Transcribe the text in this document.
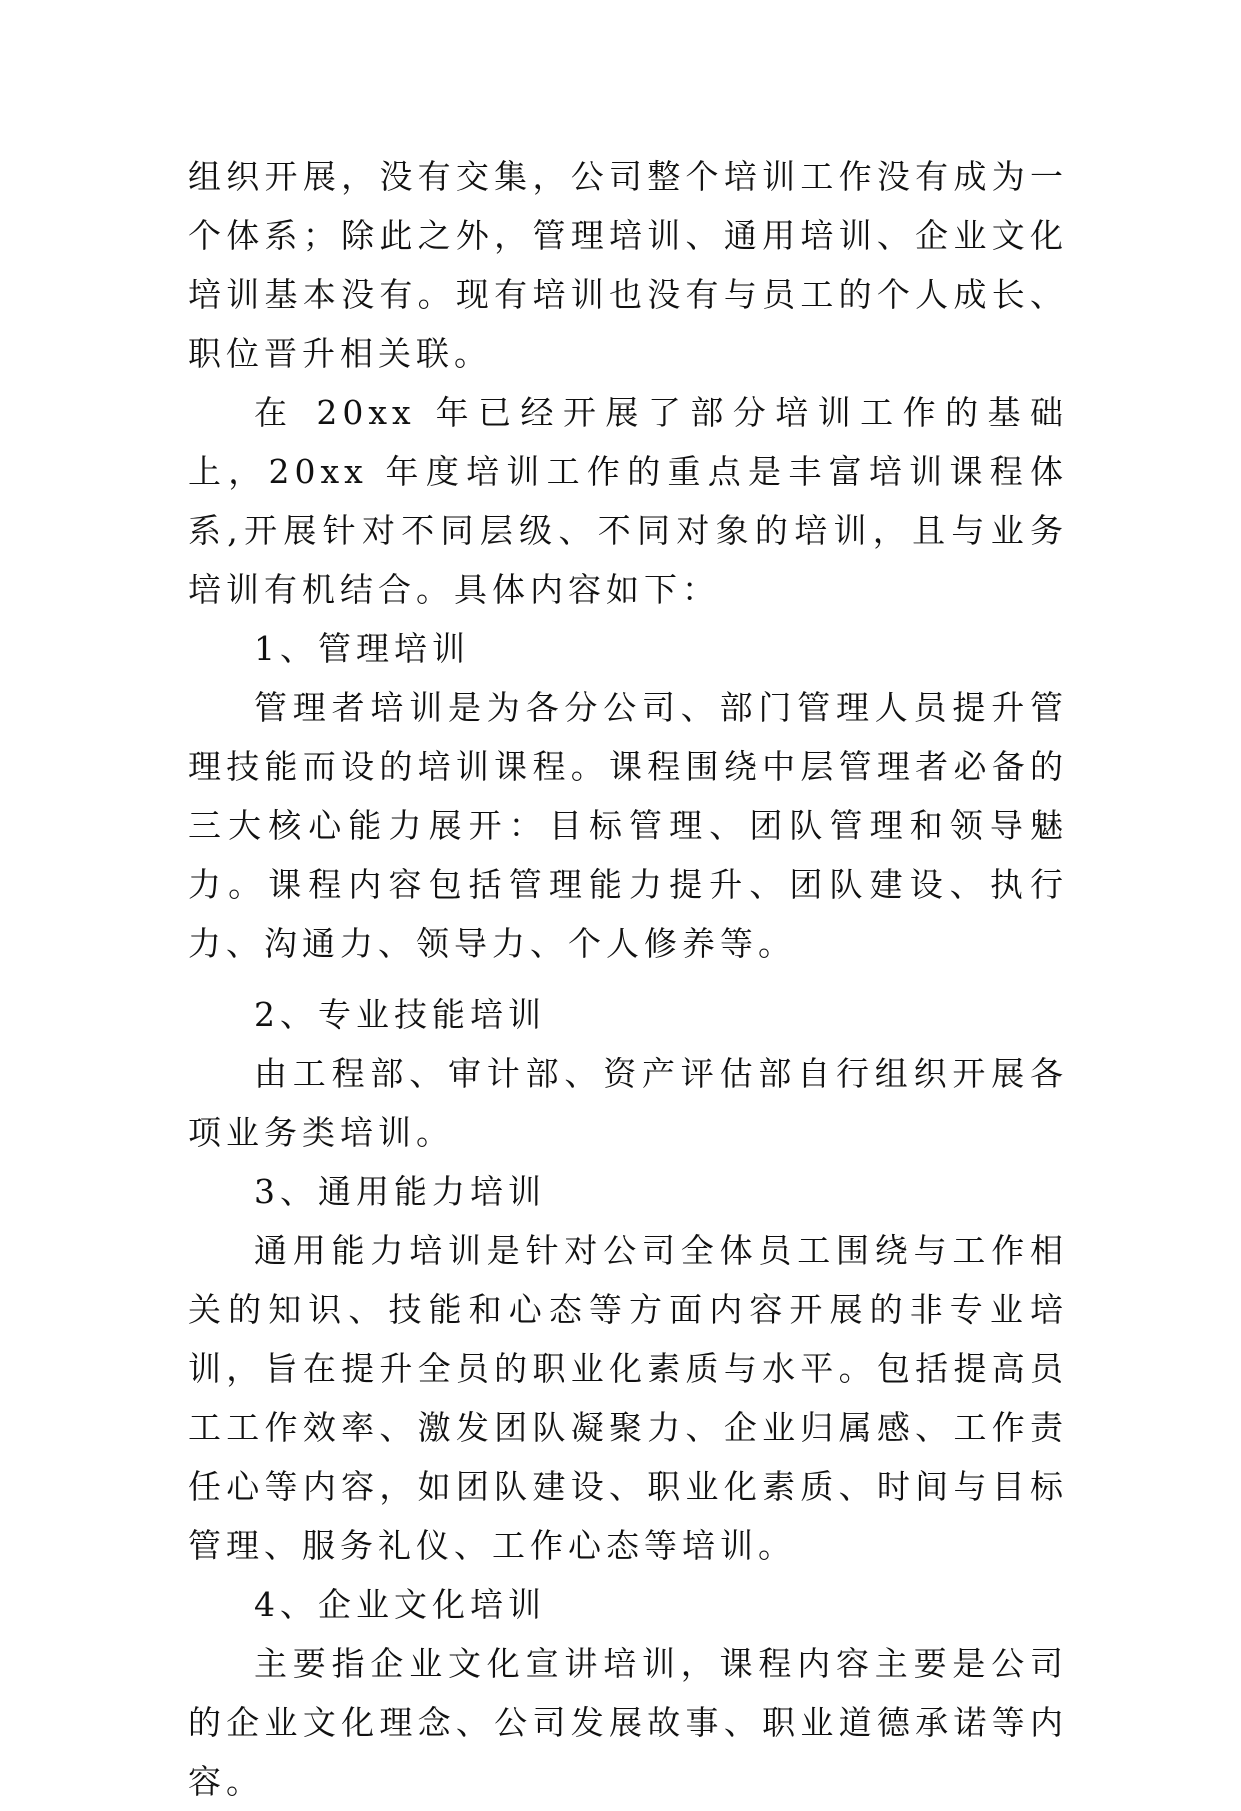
组织开展，没有交集，公司整个培训工作没有成为一个体系；除此之外，管理培训、通用培训、企业文化培训基本没有。现有培训也没有与员工的个人成长、职位晋升相关联。

在 20xx 年已经开展了部分培训工作的基础上，20xx 年度培训工作的重点是丰富培训课程体系,开展针对不同层级、不同对象的培训，且与业务培训有机结合。具体内容如下：

1、管理培训

管理者培训是为各分公司、部门管理人员提升管理技能而设的培训课程。课程围绕中层管理者必备的三大核心能力展开：目标管理、团队管理和领导魅力。课程内容包括管理能力提升、团队建设、执行力、沟通力、领导力、个人修养等。

2、专业技能培训

由工程部、审计部、资产评估部自行组织开展各项业务类培训。

3、通用能力培训

通用能力培训是针对公司全体员工围绕与工作相关的知识、技能和心态等方面内容开展的非专业培训，旨在提升全员的职业化素质与水平。包括提高员工工作效率、激发团队凝聚力、企业归属感、工作责任心等内容，如团队建设、职业化素质、时间与目标管理、服务礼仪、工作心态等培训。

4、企业文化培训

主要指企业文化宣讲培训，课程内容主要是公司的企业文化理念、公司发展故事、职业道德承诺等内容。
